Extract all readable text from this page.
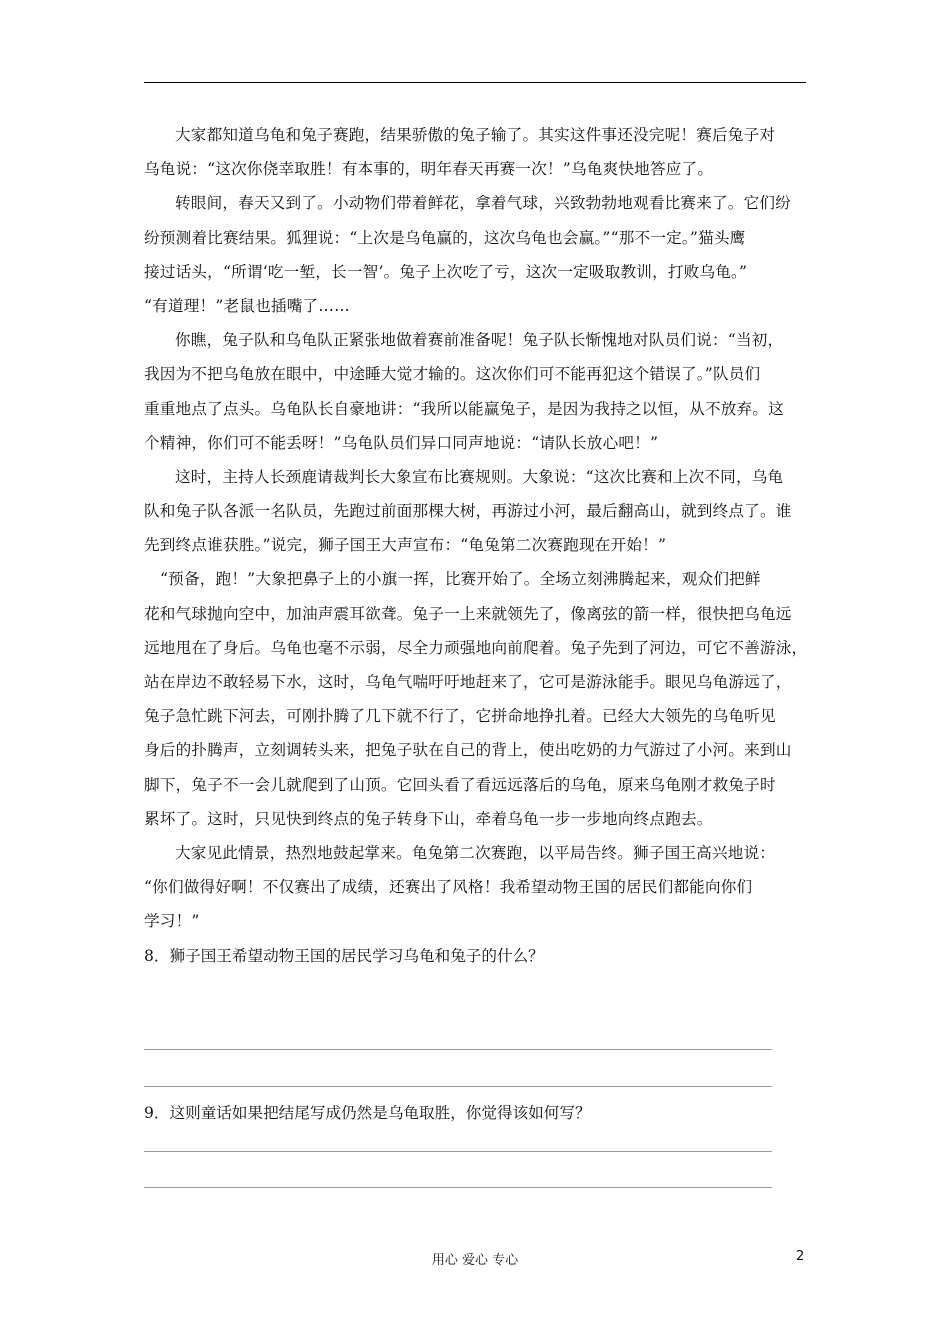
大家都知道乌龟和兔子赛跑，结果骄傲的兔子输了。其实这件事还没完呢！赛后兔子对
乌龟说：“这次你侥幸取胜！有本事的，明年春天再赛一次！”乌龟爽快地答应了。
转眼间，春天又到了。小动物们带着鲜花，拿着气球，兴致勃勃地观看比赛来了。它们纷
纷预测着比赛结果。狐狸说：“上次是乌龟赢的，这次乌龟也会赢。”“那不一定。”猫头鹰
接过话头，“所谓‘吃一堑，长一智’。兔子上次吃了亏，这次一定吸取教训，打败乌龟。”
“有道理！”老鼠也插嘴了……
你瞧，兔子队和乌龟队正紧张地做着赛前准备呢！兔子队长惭愧地对队员们说：“当初，
我因为不把乌龟放在眼中，中途睡大觉才输的。这次你们可不能再犯这个错误了。”队员们
重重地点了点头。乌龟队长自豪地讲：“我所以能赢兔子，是因为我持之以恒，从不放弃。这
个精神，你们可不能丢呀！”乌龟队员们异口同声地说：“请队长放心吧！”
这时，主持人长颈鹿请裁判长大象宣布比赛规则。大象说：“这次比赛和上次不同，乌龟
队和兔子队各派一名队员，先跑过前面那棵大树，再游过小河，最后翻高山，就到终点了。谁
先到终点谁获胜。”说完，狮子国王大声宣布：“龟兔第二次赛跑现在开始！”
“预备，跑！”大象把鼻子上的小旗一挥，比赛开始了。全场立刻沸腾起来，观众们把鲜
花和气球抛向空中，加油声震耳欲聋。兔子一上来就领先了，像离弦的箭一样，很快把乌龟远
远地甩在了身后。乌龟也毫不示弱，尽全力顽强地向前爬着。兔子先到了河边，可它不善游泳，
站在岸边不敢轻易下水，这时，乌龟气喘吁吁地赶来了，它可是游泳能手。眼见乌龟游远了，
兔子急忙跳下河去，可刚扑腾了几下就不行了，它拼命地挣扎着。已经大大领先的乌龟听见
身后的扑腾声，立刻调转头来，把兔子驮在自己的背上，使出吃奶的力气游过了小河。来到山
脚下，兔子不一会儿就爬到了山顶。它回头看了看远远落后的乌龟，原来乌龟刚才救兔子时
累坏了。这时，只见快到终点的兔子转身下山，牵着乌龟一步一步地向终点跑去。
大家见此情景，热烈地鼓起掌来。龟兔第二次赛跑，以平局告终。狮子国王高兴地说：
“你们做得好啊！不仅赛出了成绩，还赛出了风格！我希望动物王国的居民们都能向你们
学习！”
8．狮子国王希望动物王国的居民学习乌龟和兔子的什么？
9．这则童话如果把结尾写成仍然是乌龟取胜，你觉得该如何写？
用心 爱心 专心	2
